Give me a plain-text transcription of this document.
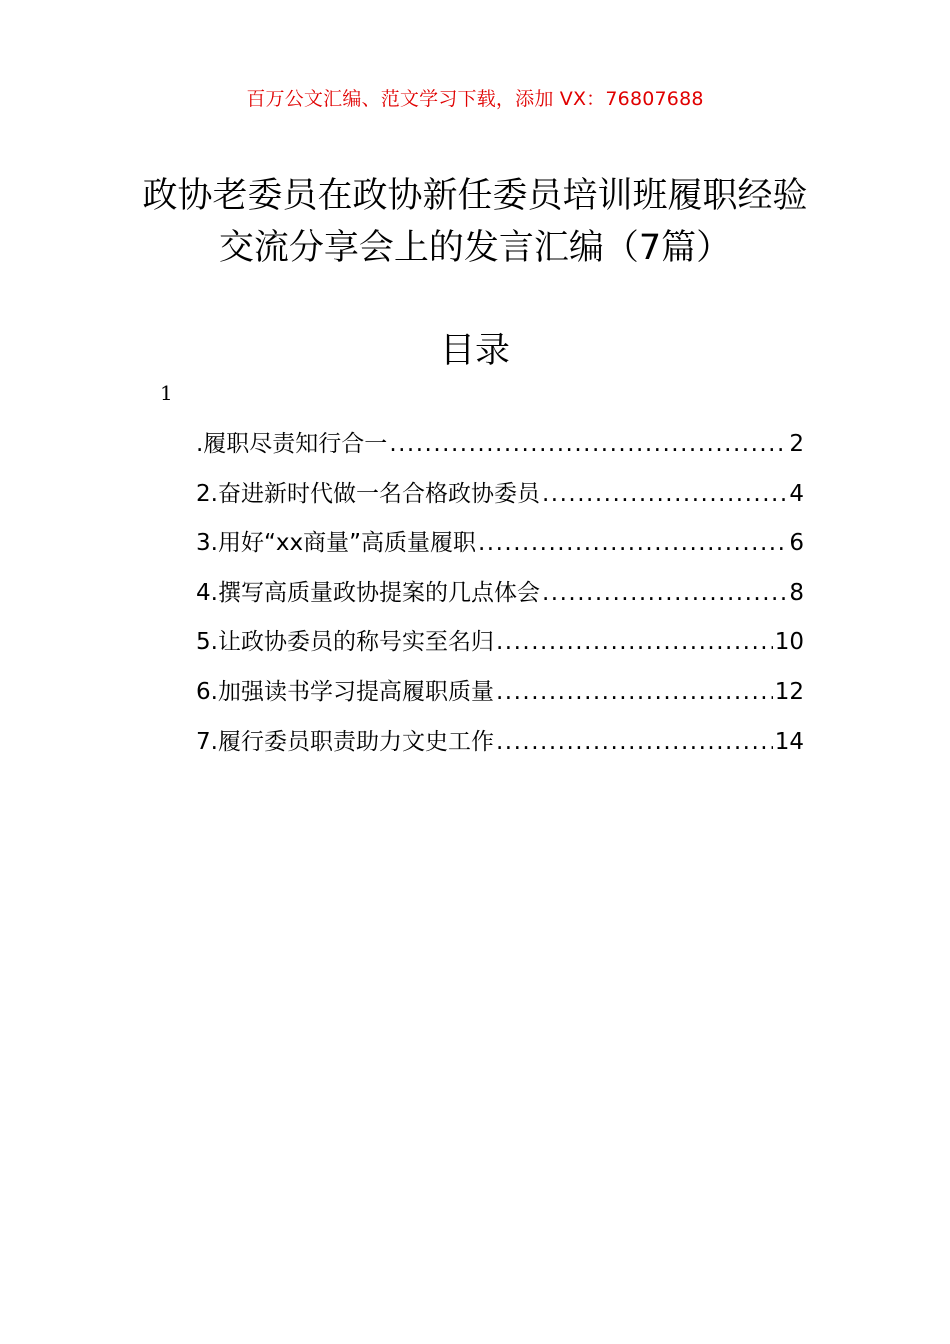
百万公文汇编、范文学习下载，添加 VX：76807688
政协老委员在政协新任委员培训班履职经验交流分享会上的发言汇编（7篇）
目录
1
.履职尽责知行合一 .....	2
2.奋进新时代做一名合格政协委员 .....	4
3.用好“xx商量”高质量履职 .....	6
4.撰写高质量政协提案的几点体会 .....	8
5.让政协委员的称号实至名归 .....	10
6.加强读书学习提高履职质量 .....	12
7.履行委员职责助力文史工作 .....	14
